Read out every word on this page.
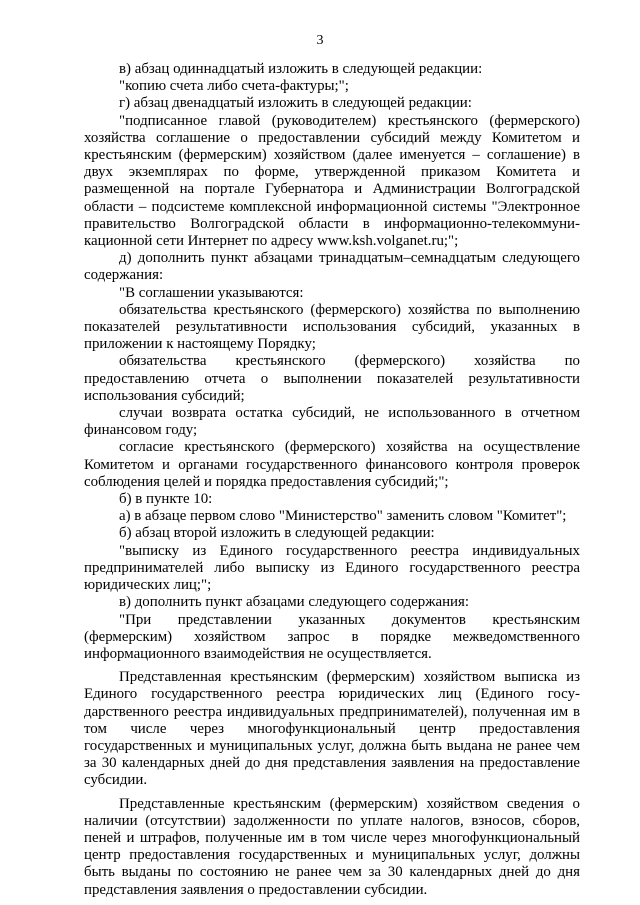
3

в) абзац одиннадцатый изложить в следующей редакции:

"копию счета либо счета-фактуры;";

г) абзац двенадцатый изложить в следующей редакции:

"подписанное главой (руководителем) крестьянского (фермерского) хозяйства соглашение о предоставлении субсидий между Комитетом и крестьянским (фермерским) хозяйством (далее именуется – соглашение) в двух экземплярах по форме, утвержденной приказом Комитета и размещенной на портале Губернатора и Администрации Волгоградской области – подсистеме комплексной информационной системы "Электронное правительство Волгоградской области в информационно-телекоммуникационной сети Интернет по адресу www.ksh.volganet.ru;";

д) дополнить пункт абзацами тринадцатым–семнадцатым следующего содержания:

"В соглашении указываются:

обязательства крестьянского (фермерского) хозяйства по выполнению показателей результативности использования субсидий, указанных в приложении к настоящему Порядку;

обязательства крестьянского (фермерского) хозяйства по предоставлению отчета о выполнении показателей результативности использования субсидий;

случаи возврата остатка субсидий, не использованного в отчетном финансовом году;

согласие крестьянского (фермерского) хозяйства на осуществление Комитетом и органами государственного финансового контроля проверок соблюдения целей и порядка предоставления субсидий;";

б) в пункте 10:

а) в абзаце первом слово "Министерство" заменить словом "Комитет";

б) абзац второй изложить в следующей редакции:

"выписку из Единого государственного реестра индивидуальных предпринимателей либо выписку из Единого государственного реестра юридических лиц;";

в) дополнить пункт абзацами следующего содержания:

"При представлении указанных документов крестьянским (фермерским) хозяйством запрос в порядке межведомственного информационного взаимодействия не осуществляется.

Представленная крестьянским (фермерским) хозяйством выписка из Единого государственного реестра юридических лиц (Единого государственного реестра индивидуальных предпринимателей), полученная им в том числе через многофункциональный центр предоставления государственных и муниципальных услуг, должна быть выдана не ранее чем за 30 календарных дней до дня представления заявления на предоставление субсидии.

Представленные крестьянским (фермерским) хозяйством сведения о наличии (отсутствии) задолженности по уплате налогов, взносов, сборов, пеней и штрафов, полученные им в том числе через многофункциональный центр предоставления государственных и муниципальных услуг, должны быть выданы по состоянию не ранее чем за 30 календарных дней до дня представления заявления о предоставлении субсидии.
